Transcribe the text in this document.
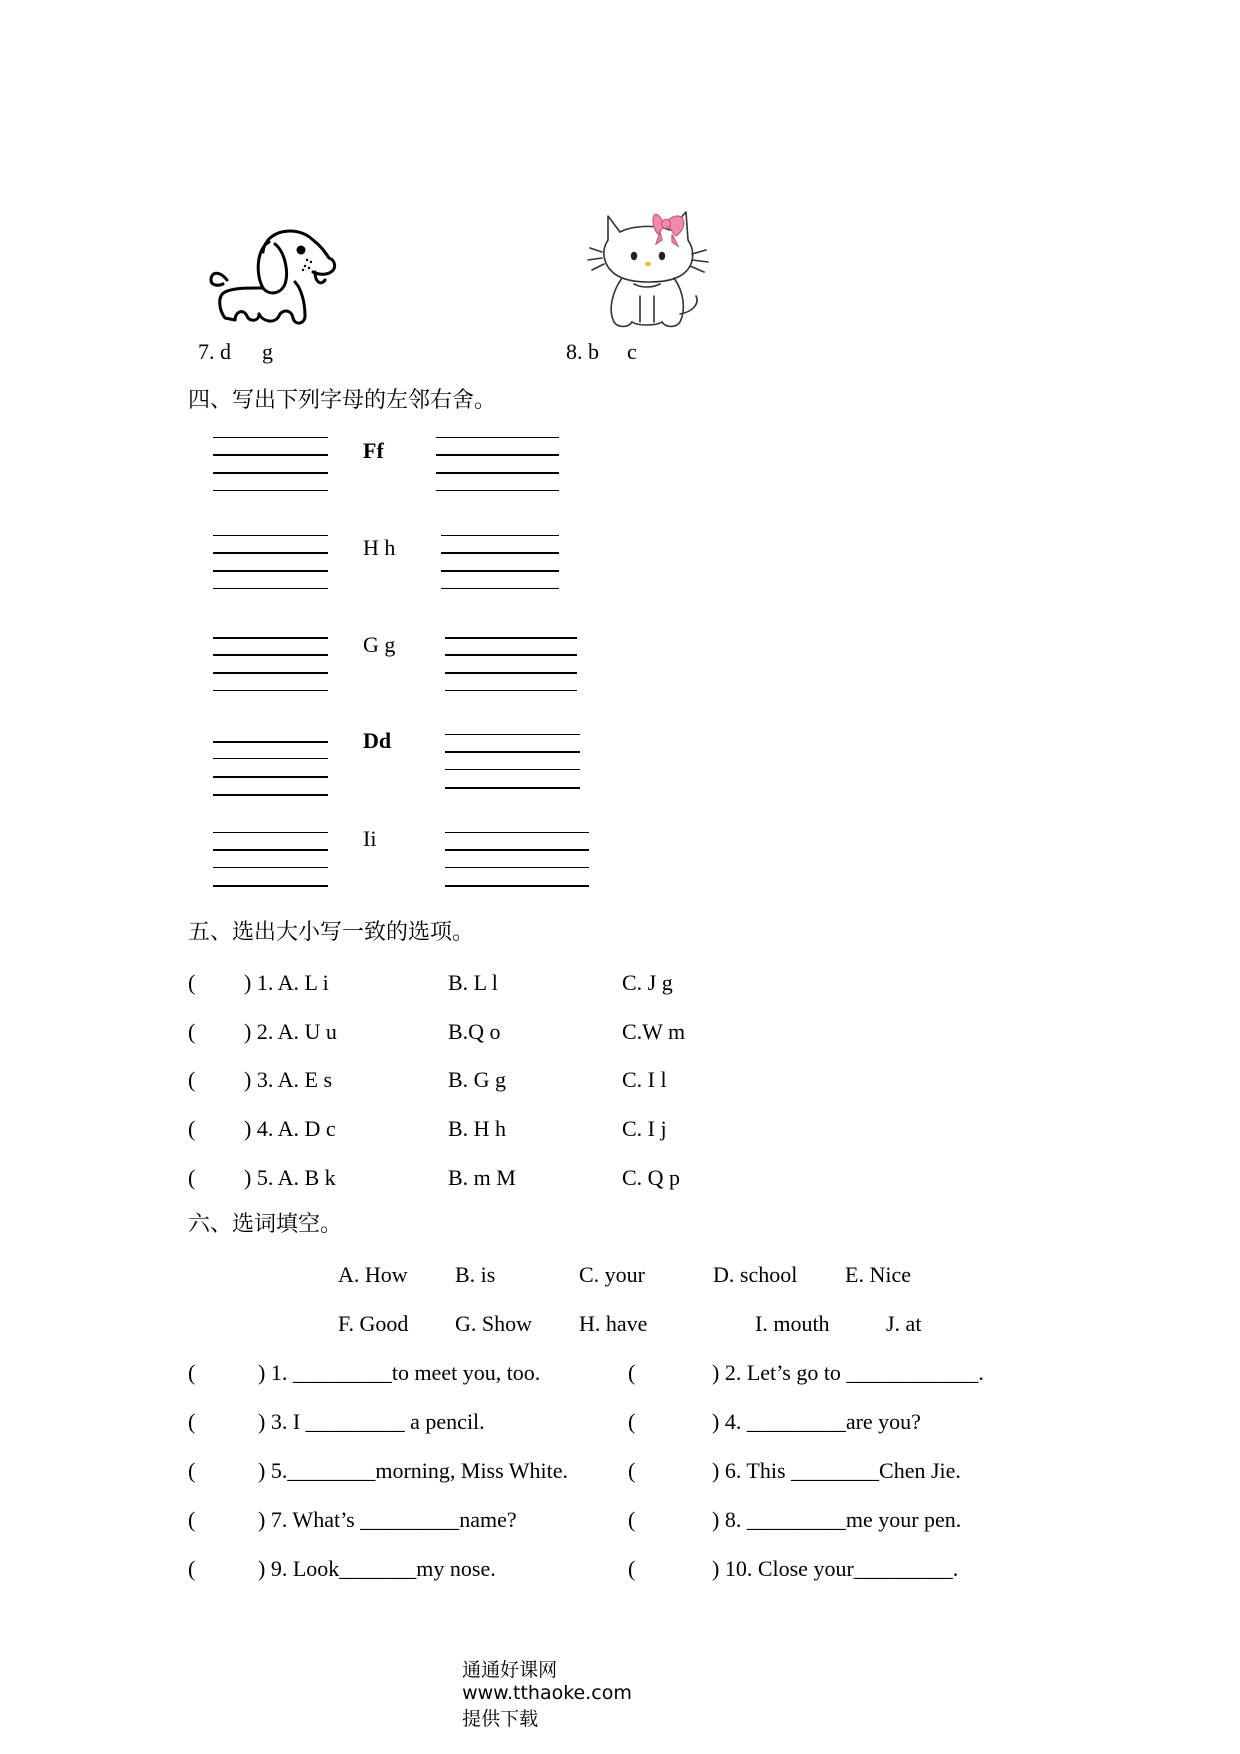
7. d g	8. b c
四、写出下列字母的左邻右舍。
Ff
H h
G g
Dd
Ii
五、选出大小写一致的选项。
( ) 1. A. L i	B. L l	C. J g
( ) 2. A. U u	B.Q o	C.W m
( ) 3. A. E s	B. G g	C. I l
( ) 4. A. D c	B. H h	C. I j
( ) 5. A. B k	B. m M	C. Q p
六、选词填空。
A. How B. is	C. your	D. school E. Nice
F. Good G. Show H. have	I. mouth	J. at
(	) 1. _________to meet you, too.	(	) 2. Let’s go to ____________.
(	) 3. I _________ a pencil.	(	) 4. _________are you?
(	) 5.________morning, Miss White.	(	) 6. This ________Chen Jie.
(	) 7. What’s _________name?	(	) 8. _________me your pen.
(	) 9. Look_______my nose.	(	) 10. Close your_________.

通通好课网
www.tthaoke.com
提供下载
